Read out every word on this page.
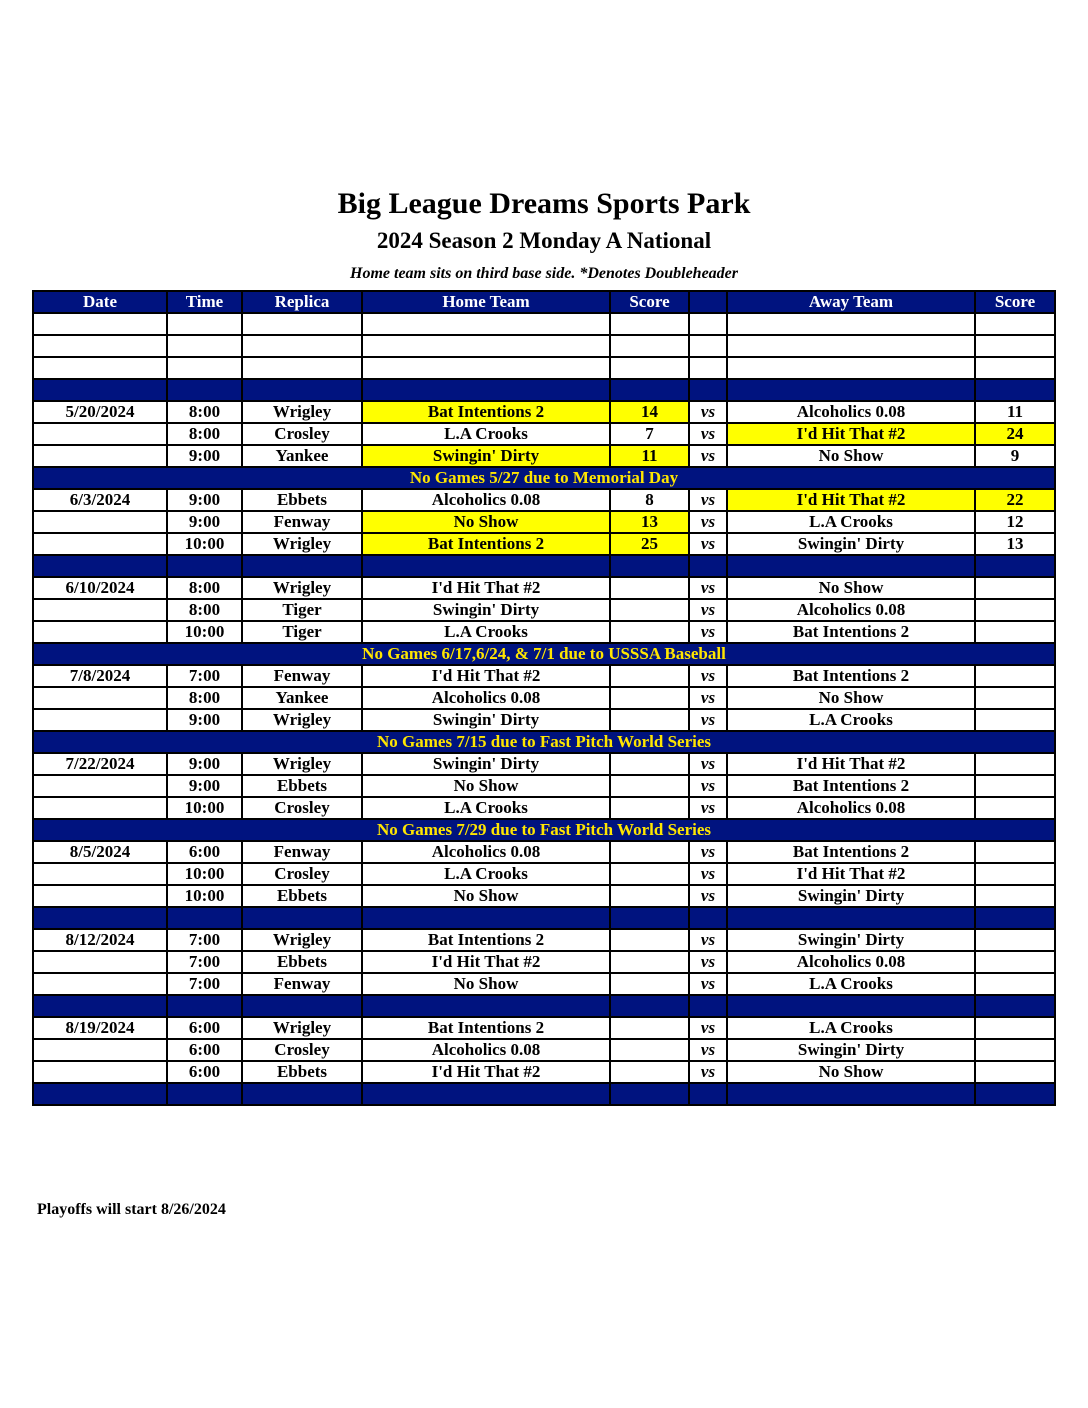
Big League Dreams Sports Park
2024 Season 2 Monday A National
Home team sits on third base side. *Denotes Doubleheader
Date	Time	Replica	Home Team	Score		Away Team	Score

5/20/2024	8:00	Wrigley	Bat Intentions 2	14	vs	Alcoholics 0.08	11
	8:00	Crosley	L.A Crooks	7	vs	I'd Hit That #2	24
	9:00	Yankee	Swingin' Dirty	11	vs	No Show	9
No Games 5/27 due to Memorial Day							
6/3/2024	9:00	Ebbets	Alcoholics 0.08	8	vs	I'd Hit That #2	22
	9:00	Fenway	No Show	13	vs	L.A Crooks	12
	10:00	Wrigley	Bat Intentions 2	25	vs	Swingin' Dirty	13

6/10/2024	8:00	Wrigley	I'd Hit That #2		vs	No Show	
	8:00	Tiger	Swingin' Dirty		vs	Alcoholics 0.08	
	10:00	Tiger	L.A Crooks		vs	Bat Intentions 2	
No Games 6/17,6/24, & 7/1 due to USSSA Baseball							
7/8/2024	7:00	Fenway	I'd Hit That #2		vs	Bat Intentions 2	
	8:00	Yankee	Alcoholics 0.08		vs	No Show	
	9:00	Wrigley	Swingin' Dirty		vs	L.A Crooks	
No Games 7/15 due to Fast Pitch World Series							
7/22/2024	9:00	Wrigley	Swingin' Dirty		vs	I'd Hit That #2	
	9:00	Ebbets	No Show		vs	Bat Intentions 2	
	10:00	Crosley	L.A Crooks		vs	Alcoholics 0.08	
No Games 7/29 due to Fast Pitch World Series							
8/5/2024	6:00	Fenway	Alcoholics 0.08		vs	Bat Intentions 2	
	10:00	Crosley	L.A Crooks		vs	I'd Hit That #2	
	10:00	Ebbets	No Show		vs	Swingin' Dirty	

8/12/2024	7:00	Wrigley	Bat Intentions 2		vs	Swingin' Dirty	
	7:00	Ebbets	I'd Hit That #2		vs	Alcoholics 0.08	
	7:00	Fenway	No Show		vs	L.A Crooks	

8/19/2024	6:00	Wrigley	Bat Intentions 2		vs	L.A Crooks	
	6:00	Crosley	Alcoholics 0.08		vs	Swingin' Dirty	
	6:00	Ebbets	I'd Hit That #2		vs	No Show	

Playoffs will start 8/26/2024
